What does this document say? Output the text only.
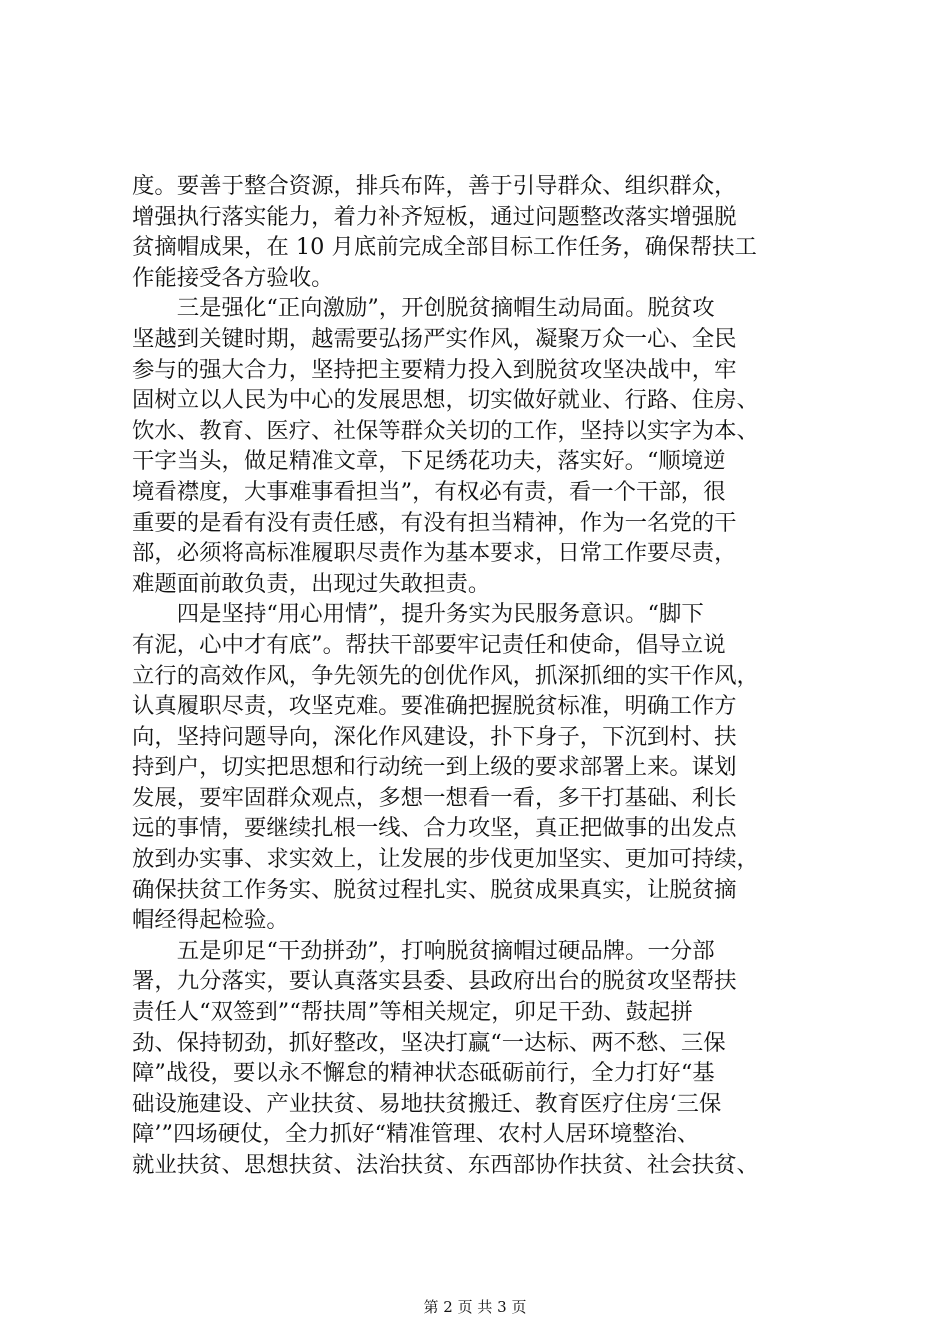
度。要善于整合资源，排兵布阵，善于引导群众、组织群众，
增强执行落实能力，着力补齐短板，通过问题整改落实增强脱
贫摘帽成果，在 10 月底前完成全部目标工作任务，确保帮扶工
作能接受各方验收。
　　三是强化“正向激励”，开创脱贫摘帽生动局面。脱贫攻
坚越到关键时期，越需要弘扬严实作风，凝聚万众一心、全民
参与的强大合力，坚持把主要精力投入到脱贫攻坚决战中，牢
固树立以人民为中心的发展思想，切实做好就业、行路、住房、
饮水、教育、医疗、社保等群众关切的工作，坚持以实字为本、
干字当头，做足精准文章，下足绣花功夫，落实好。“顺境逆
境看襟度，大事难事看担当”，有权必有责，看一个干部，很
重要的是看有没有责任感，有没有担当精神，作为一名党的干
部，必须将高标准履职尽责作为基本要求，日常工作要尽责，
难题面前敢负责，出现过失敢担责。
　　四是坚持“用心用情”，提升务实为民服务意识。“脚下
有泥，心中才有底”。帮扶干部要牢记责任和使命，倡导立说
立行的高效作风，争先领先的创优作风，抓深抓细的实干作风，
认真履职尽责，攻坚克难。要准确把握脱贫标准，明确工作方
向，坚持问题导向，深化作风建设，扑下身子，下沉到村、扶
持到户，切实把思想和行动统一到上级的要求部署上来。谋划
发展，要牢固群众观点，多想一想看一看，多干打基础、利长
远的事情，要继续扎根一线、合力攻坚，真正把做事的出发点
放到办实事、求实效上，让发展的步伐更加坚实、更加可持续，
确保扶贫工作务实、脱贫过程扎实、脱贫成果真实，让脱贫摘
帽经得起检验。
　　五是卯足“干劲拼劲”，打响脱贫摘帽过硬品牌。一分部
署，九分落实，要认真落实县委、县政府出台的脱贫攻坚帮扶
责任人“双签到”“帮扶周”等相关规定，卯足干劲、鼓起拼
劲、保持韧劲，抓好整改，坚决打赢“一达标、两不愁、三保
障”战役，要以永不懈怠的精神状态砥砺前行，全力打好“基
础设施建设、产业扶贫、易地扶贫搬迁、教育医疗住房‘三保
障’”四场硬仗，全力抓好“精准管理、农村人居环境整治、
就业扶贫、思想扶贫、法治扶贫、东西部协作扶贫、社会扶贫、
第 2 页 共 3 页
